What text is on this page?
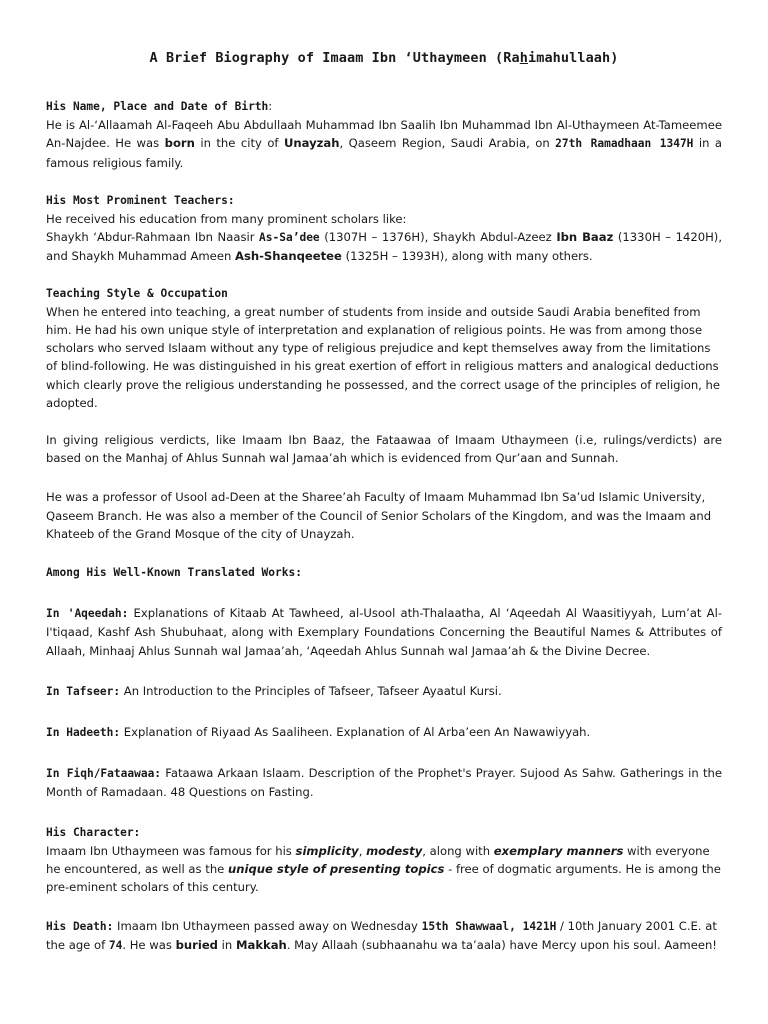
A Brief Biography of Imaam Ibn ‘Uthaymeen (Rahimahullaah)

His Name, Place and Date of Birth:

He is Al-‘Allaamah Al-Faqeeh Abu Abdullaah Muhammad Ibn Saalih Ibn Muhammad Ibn Al-Uthaymeen At-Tameemee An-Najdee. He was born in the city of Unayzah, Qaseem Region, Saudi Arabia, on 27th Ramadhaan 1347H in a famous religious family.

His Most Prominent Teachers:

He received his education from many prominent scholars like:

Shaykh ‘Abdur-Rahmaan Ibn Naasir As-Sa’dee (1307H – 1376H), Shaykh Abdul-Azeez Ibn Baaz (1330H – 1420H), and Shaykh Muhammad Ameen Ash-Shanqeetee (1325H – 1393H), along with many others.

Teaching Style & Occupation

When he entered into teaching, a great number of students from inside and outside Saudi Arabia benefited from him. He had his own unique style of interpretation and explanation of religious points. He was from among those scholars who served Islaam without any type of religious prejudice and kept themselves away from the limitations of blind-following. He was distinguished in his great exertion of effort in religious matters and analogical deductions which clearly prove the religious understanding he possessed, and the correct usage of the principles of religion, he adopted.

In giving religious verdicts, like Imaam Ibn Baaz, the Fataawaa of Imaam Uthaymeen (i.e, rulings/verdicts) are based on the Manhaj of Ahlus Sunnah wal Jamaa’ah which is evidenced from Qur’aan and Sunnah.

He was a professor of Usool ad-Deen at the Sharee’ah Faculty of Imaam Muhammad Ibn Sa’ud Islamic University, Qaseem Branch. He was also a member of the Council of Senior Scholars of the Kingdom, and was the Imaam and Khateeb of the Grand Mosque of the city of Unayzah.

Among His Well-Known Translated Works:

In 'Aqeedah: Explanations of Kitaab At Tawheed, al-Usool ath-Thalaatha, Al ‘Aqeedah Al Waasitiyyah, Lum’at Al-I'tiqaad, Kashf Ash Shubuhaat, along with Exemplary Foundations Concerning the Beautiful Names & Attributes of Allaah, Minhaaj Ahlus Sunnah wal Jamaa’ah, ‘Aqeedah Ahlus Sunnah wal Jamaa’ah & the Divine Decree.

In Tafseer: An Introduction to the Principles of Tafseer, Tafseer Ayaatul Kursi.

In Hadeeth: Explanation of Riyaad As Saaliheen. Explanation of Al Arba’een An Nawawiyyah.

In Fiqh/Fataawaa: Fataawa Arkaan Islaam. Description of the Prophet's Prayer. Sujood As Sahw. Gatherings in the Month of Ramadaan. 48 Questions on Fasting.

His Character:

Imaam Ibn Uthaymeen was famous for his simplicity, modesty, along with exemplary manners with everyone he encountered, as well as the unique style of presenting topics - free of dogmatic arguments. He is among the pre-eminent scholars of this century.

His Death: Imaam Ibn Uthaymeen passed away on Wednesday 15th Shawwaal, 1421H / 10th January 2001 C.E. at the age of 74. He was buried in Makkah. May Allaah (subhaanahu wa ta’aala) have Mercy upon his soul. Aameen!
